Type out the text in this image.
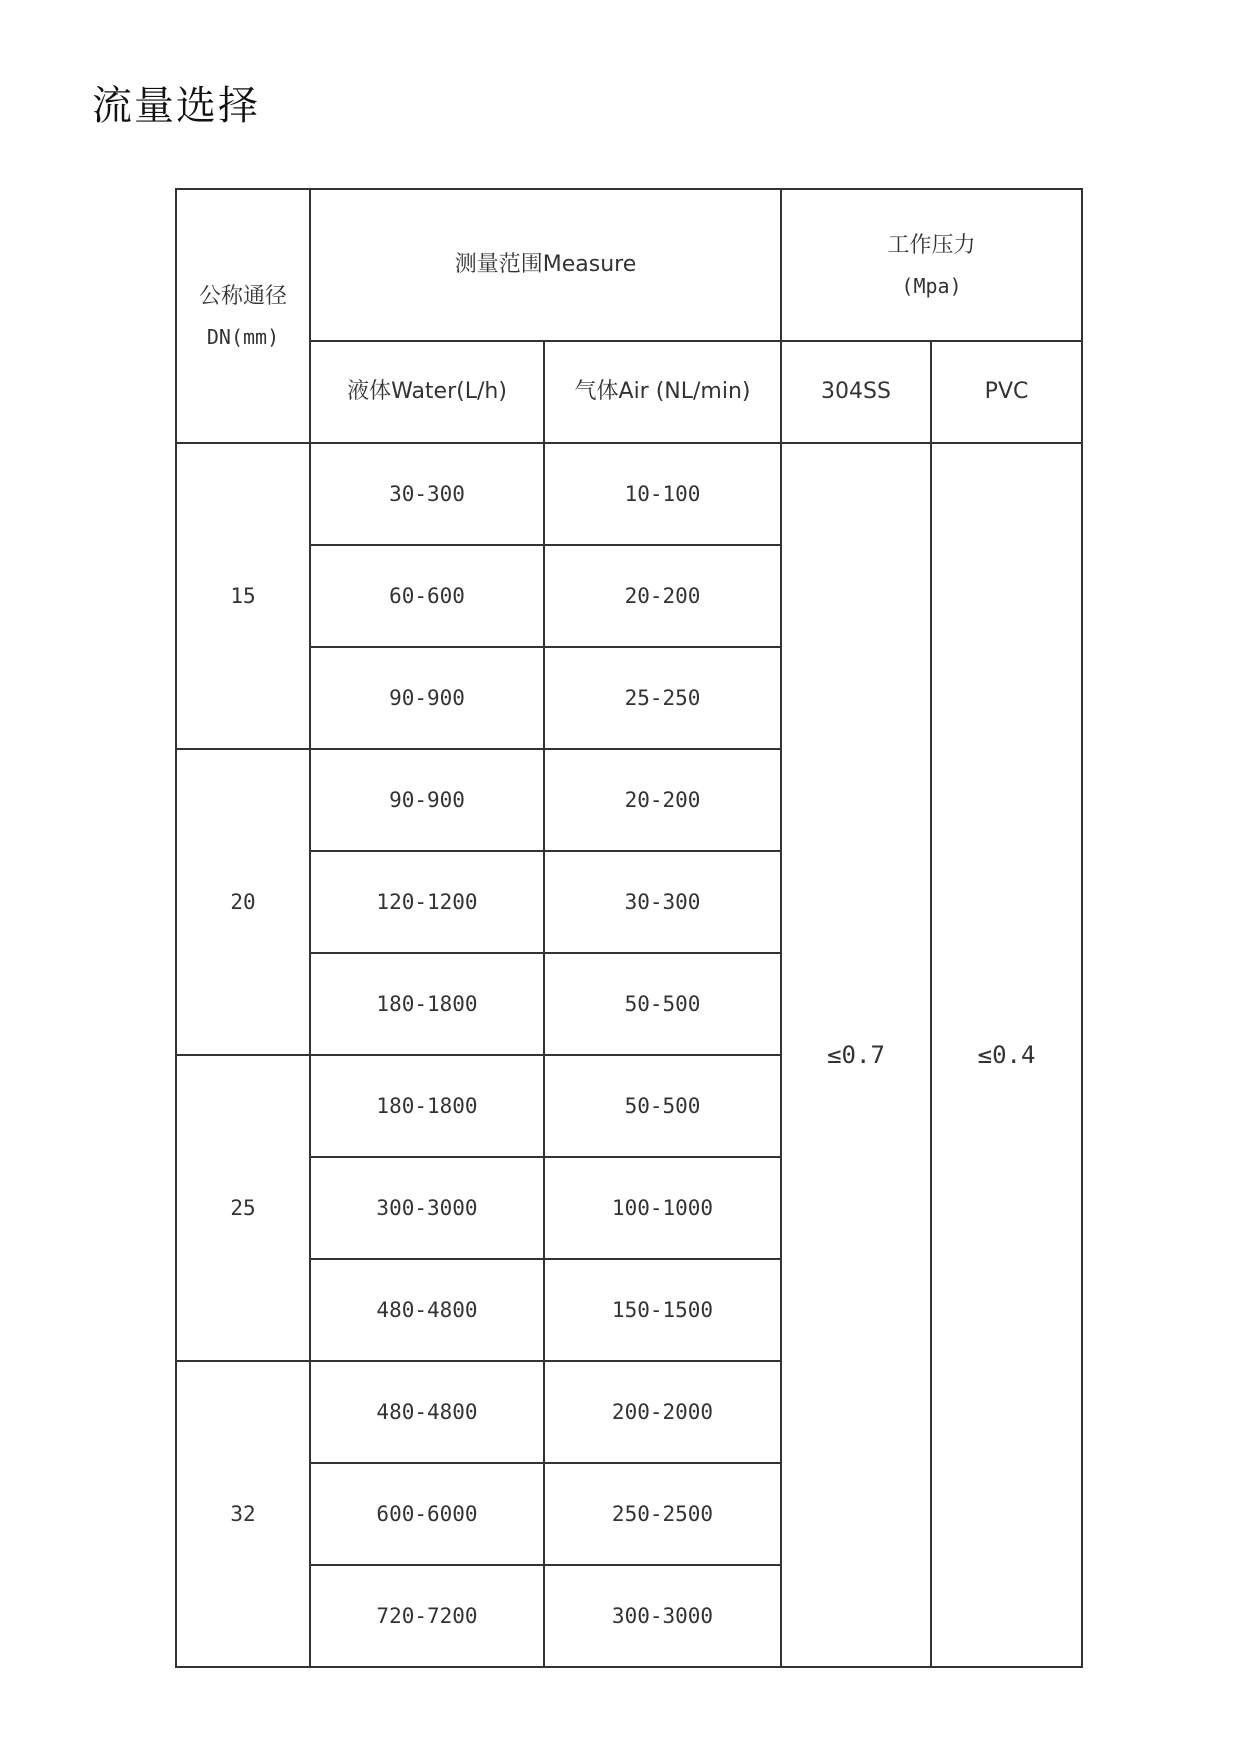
流量选择
公称通径
DN(mm)	测量范围Measure		工作压力
(Mpa)	

	液体Water(L/h)	气体Air (NL/min)	304SS	PVC
15	30-300	10-100	≤0.7	≤0.4
	60-600	20-200		
	90-900	25-250		
20	90-900	20-200		
	120-1200	30-300		
	180-1800	50-500		
25	180-1800	50-500		
	300-3000	100-1000		
	480-4800	150-1500		
32	480-4800	200-2000		
	600-6000	250-2500		
	720-7200	300-3000		
